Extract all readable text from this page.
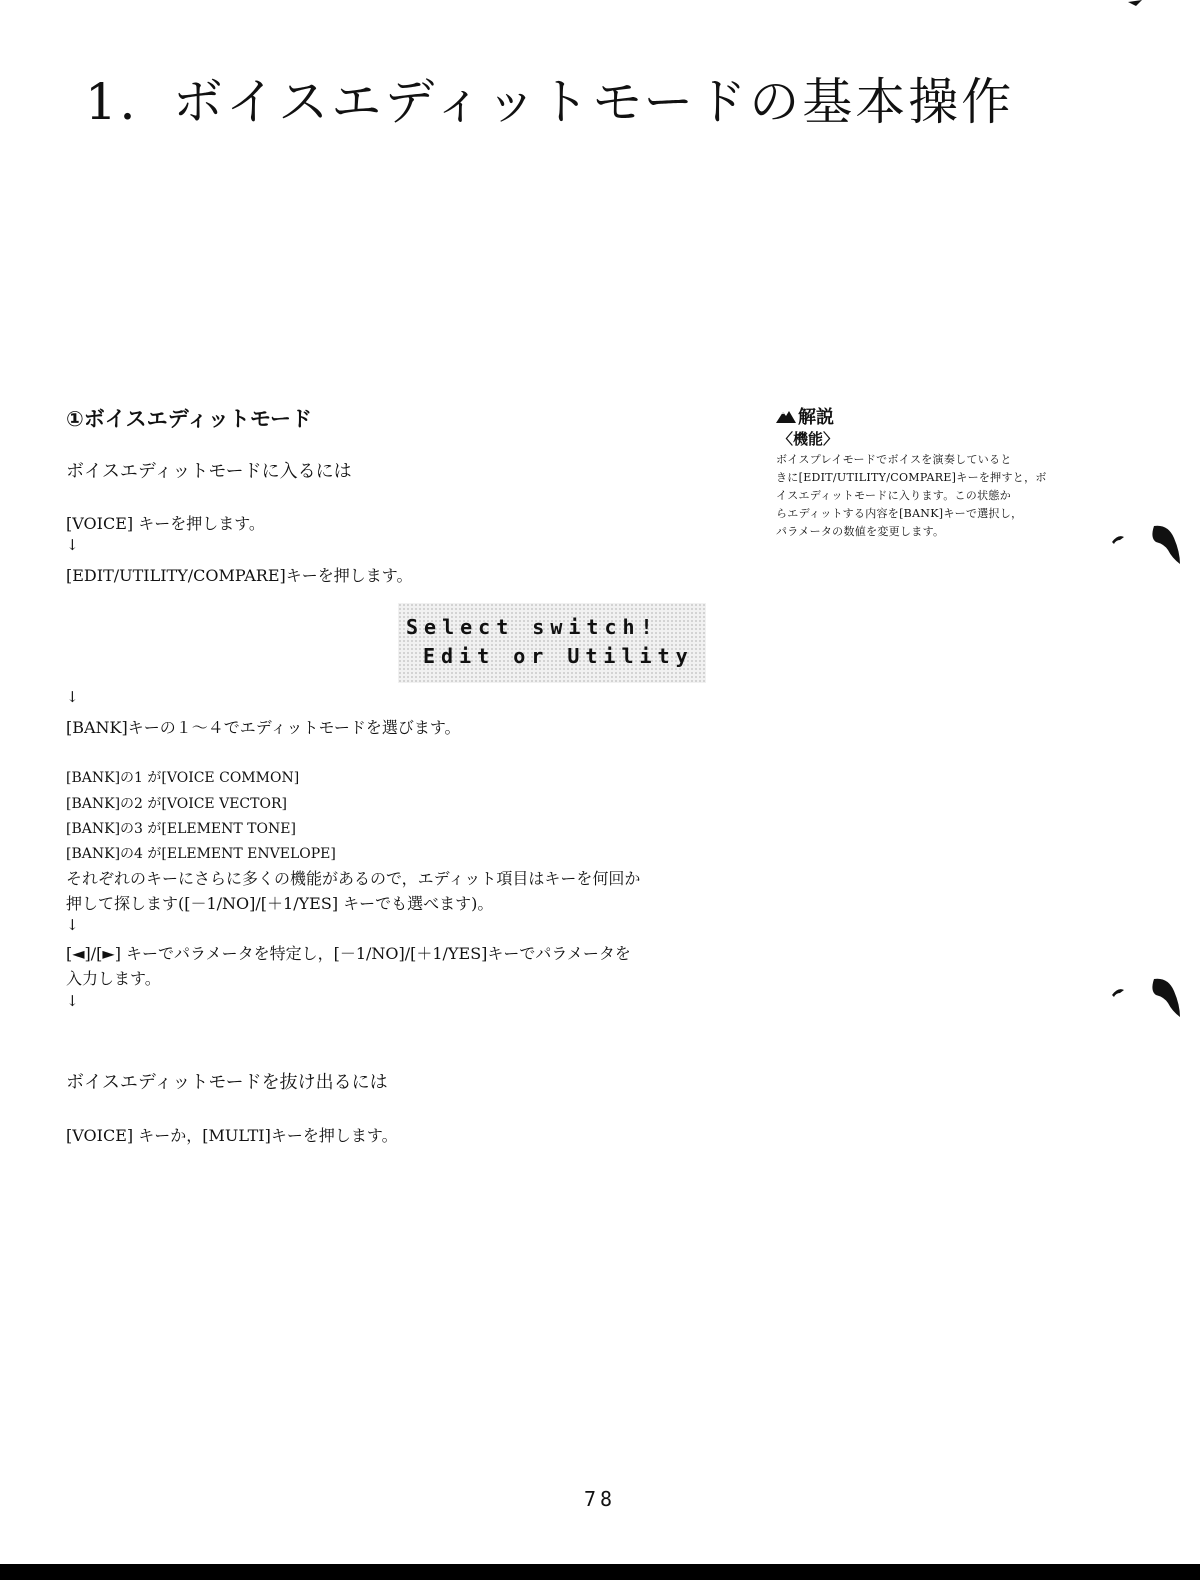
1．ボイスエディットモードの基本操作
①ボイスエディットモード
ボイスエディットモードに入るには
[VOICE] キーを押します。
↓
[EDIT/UTILITY/COMPARE]キーを押します。
Select switch!
Edit or Utility
↓
[BANK]キーの１～４でエディットモードを選びます。
[BANK]の1 が[VOICE COMMON]
[BANK]の2 が[VOICE VECTOR]
[BANK]の3 が[ELEMENT TONE]
[BANK]の4 が[ELEMENT ENVELOPE]
それぞれのキーにさらに多くの機能があるので，エディット項目はキーを何回か
押して探します([－1/NO]/[＋1/YES] キーでも選べます)。
↓
[◄]/[►] キーでパラメータを特定し，[－1/NO]/[＋1/YES]キーでパラメータを
入力します。
↓
ボイスエディットモードを抜け出るには
[VOICE] キーか，[MULTI]キーを押します。
解説
〈機能〉
ボイスプレイモードでボイスを演奏していると
きに[EDIT/UTILITY/COMPARE]キーを押すと，ボ
イスエディットモードに入ります。この状態か
らエディットする内容を[BANK]キーで選択し，
パラメータの数値を変更します。
78
